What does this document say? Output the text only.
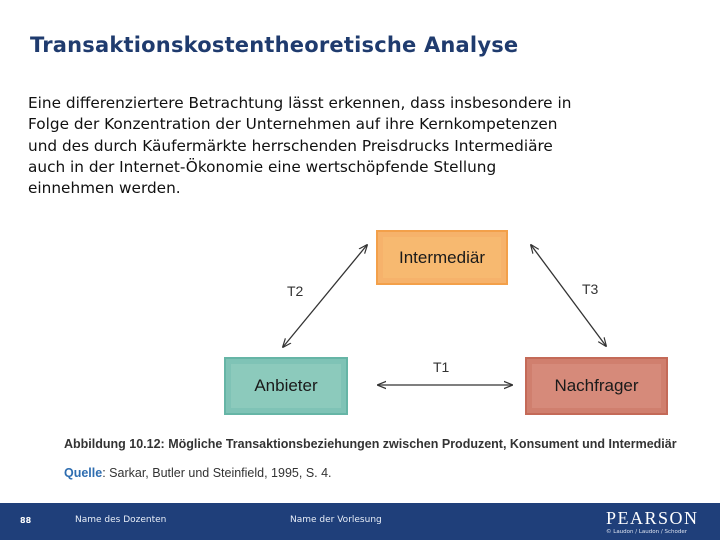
Transaktionskostentheoretische Analyse
Eine differenziertere Betrachtung lässt erkennen, dass insbesondere in
Folge der Konzentration der Unternehmen auf ihre Kernkompetenzen
und des durch Käufermärkte herrschenden Preisdrucks Intermediäre
auch in der Internet-Ökonomie eine wertschöpfende Stellung
einnehmen werden.
Intermediär
Anbieter	Nachfrager
T2	T3
T1
Abbildung 10.12: Mögliche Transaktionsbeziehungen zwischen Produzent, Konsument und Intermediär
Quelle: Sarkar, Butler und Steinfield, 1995, S. 4.
88	Name des Dozenten	Name der Vorlesung	PEARSON
© Laudon / Laudon / Schoder
